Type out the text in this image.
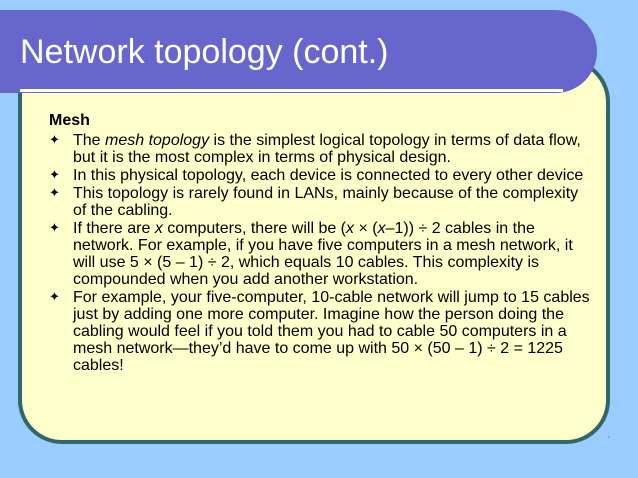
Network topology (cont.)
Mesh
✦ The mesh topology is the simplest logical topology in terms of data flow, but it is the most complex in terms of physical design.
✦ In this physical topology, each device is connected to every other device
✦ This topology is rarely found in LANs, mainly because of the complexity of the cabling.
✦ If there are x computers, there will be (x × (x–1)) ÷ 2 cables in the network. For example, if you have five computers in a mesh network, it will use 5 × (5 – 1) ÷ 2, which equals 10 cables. This complexity is compounded when you add another workstation.
✦ For example, your five-computer, 10-cable network will jump to 15 cables just by adding one more computer. Imagine how the person doing the cabling would feel if you told them you had to cable 50 computers in a mesh network—they’d have to come up with 50 × (50 – 1) ÷ 2 = 1225 cables!
